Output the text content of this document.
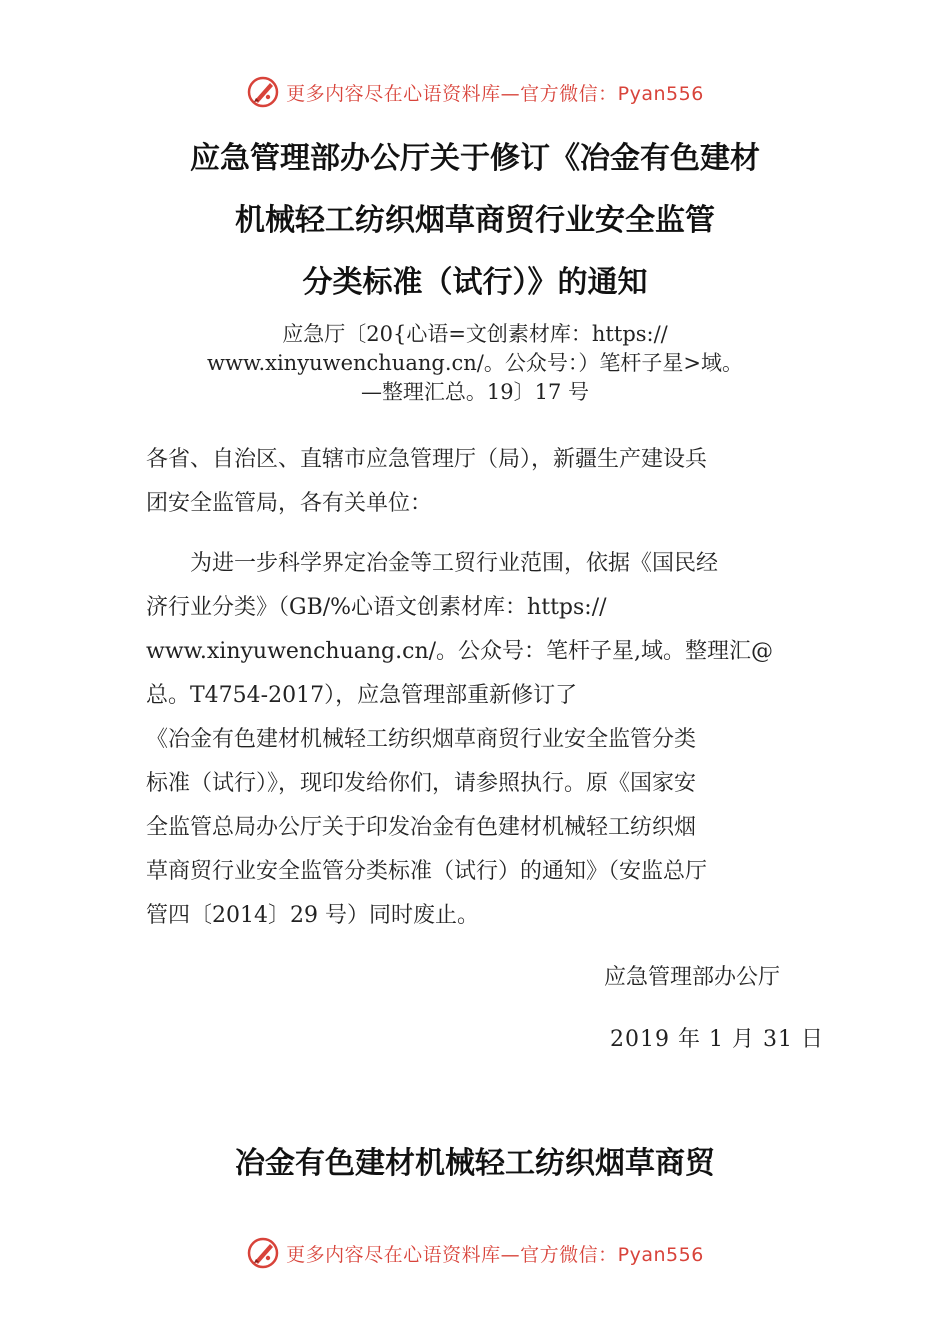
更多内容尽在心语资料库—官方微信：Pyan556
应急管理部办公厅关于修订《冶金有色建材
机械轻工纺织烟草商贸行业安全监管
分类标准（试行）》的通知
应急厅〔20{心语=文创素材库：https://
www.xinyuwenchuang.cn/。公众号：）笔杆子星>域。
—整理汇总。19〕17 号
各省、自治区、直辖市应急管理厅（局），新疆生产建设兵
团安全监管局，各有关单位：
　　为进一步科学界定冶金等工贸行业范围，依据《国民经
济行业分类》（GB/%心语文创素材库：https://
www.xinyuwenchuang.cn/。公众号：笔杆子星,域。整理汇@
总。T4754-2017），应急管理部重新修订了
《冶金有色建材机械轻工纺织烟草商贸行业安全监管分类
标准（试行）》，现印发给你们，请参照执行。原《国家安
全监管总局办公厅关于印发冶金有色建材机械轻工纺织烟
草商贸行业安全监管分类标准（试行）的通知》（安监总厅
管四〔2014〕29 号）同时废止。
应急管理部办公厅
2019 年 1 月 31 日
冶金有色建材机械轻工纺织烟草商贸
更多内容尽在心语资料库—官方微信：Pyan556
